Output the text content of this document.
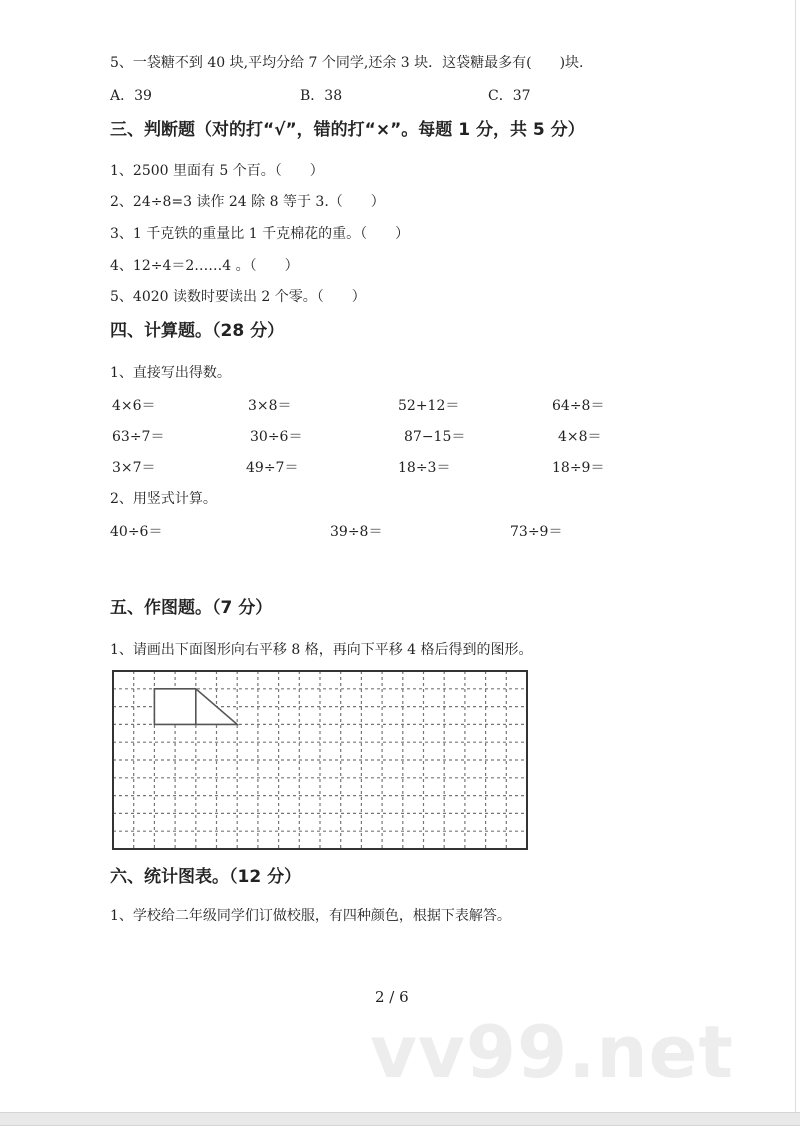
5、一袋糖不到 40 块,平均分给 7 个同学,还余 3 块．这袋糖最多有(　　)块.
A．39	B．38	C．37
三、判断题（对的打“√”，错的打“×”。每题 1 分，共 5 分）
1、2500 里面有 5 个百。（　　）
2、24÷8=3 读作 24 除 8 等于 3.（　　）
3、1 千克铁的重量比 1 千克棉花的重。（　　）
4、12÷4＝2……4 。（　　）
5、4020 读数时要读出 2 个零。（　　）
四、计算题。（28 分）
1、直接写出得数。
4×6＝	3×8＝	52+12＝	64÷8＝
63÷7＝	30÷6＝	87−15＝	4×8＝
3×7＝	49÷7＝	18÷3＝	18÷9＝
2、用竖式计算。
40÷6＝	39÷8＝	73÷9＝
五、作图题。（7 分）
1、请画出下面图形向右平移 8 格，再向下平移 4 格后得到的图形。
六、统计图表。（12 分）
1、学校给二年级同学们订做校服，有四种颜色，根据下表解答。
2 / 6
vv99.net
